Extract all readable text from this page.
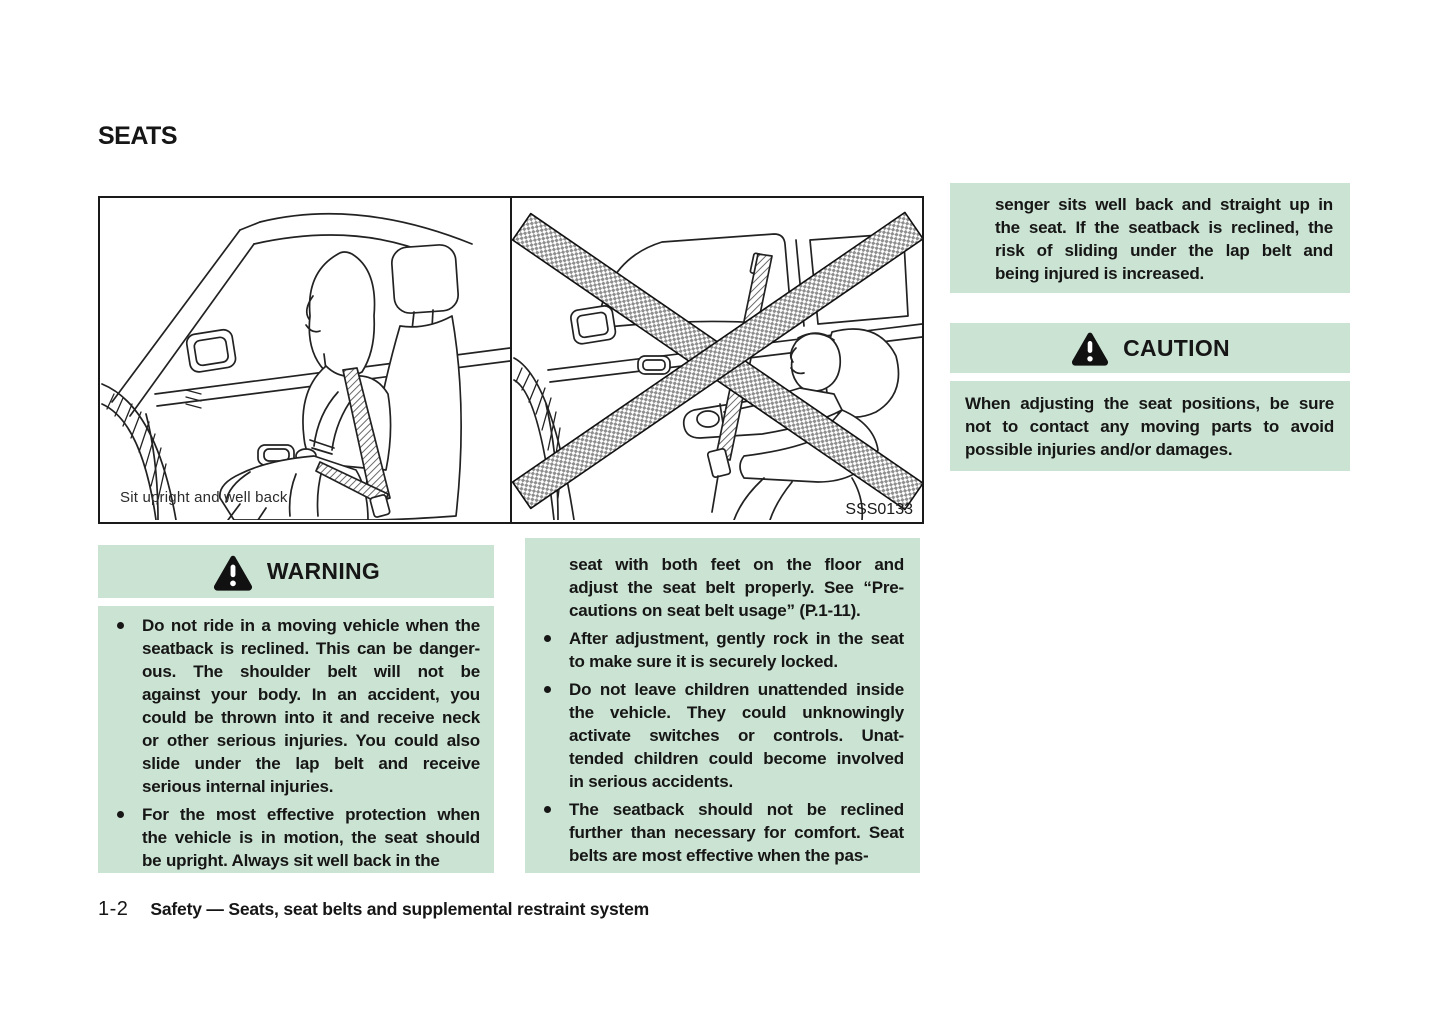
SEATS
Sit upright and well back.
SSS0133
WARNING
Do not ride in a moving vehicle when the
seatback is reclined. This can be danger-
ous. The shoulder belt will not be
against your body. In an accident, you
could be thrown into it and receive neck
or other serious injuries. You could also
slide under the lap belt and receive
serious internal injuries.
For the most effective protection when
the vehicle is in motion, the seat should
be upright. Always sit well back in the
seat with both feet on the floor and
adjust the seat belt properly. See “Pre-
cautions on seat belt usage” (P.1-11).
After adjustment, gently rock in the seat
to make sure it is securely locked.
Do not leave children unattended inside
the vehicle. They could unknowingly
activate switches or controls. Unat-
tended children could become involved
in serious accidents.
The seatback should not be reclined
further than necessary for comfort. Seat
belts are most effective when the pas-
senger sits well back and straight up in
the seat. If the seatback is reclined, the
risk of sliding under the lap belt and
being injured is increased.
CAUTION
When adjusting the seat positions, be sure
not to contact any moving parts to avoid
possible injuries and/or damages.
1-2 Safety — Seats, seat belts and supplemental restraint system
